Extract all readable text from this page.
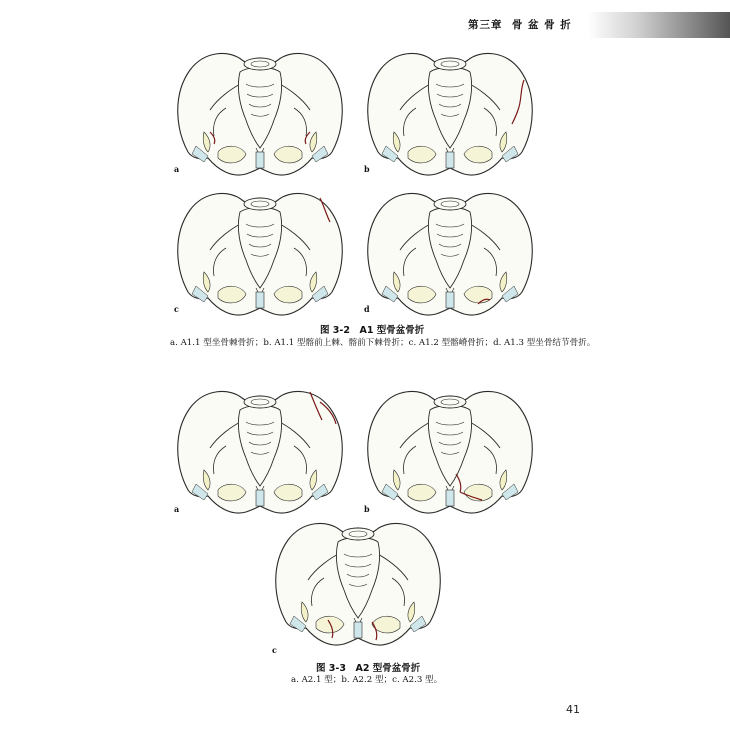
第三章 骨 盆 骨 折
a	b
c	d
图 3-2　A1 型骨盆骨折
a. A1.1 型坐骨棘骨折；b. A1.1 型髂前上棘、髂前下棘骨折；c. A1.2 型髂嵴骨折；d. A1.3 型坐骨结节骨折。
a	b
c
图 3-3　A2 型骨盆骨折
a. A2.1 型；b. A2.2 型；c. A2.3 型。
41
